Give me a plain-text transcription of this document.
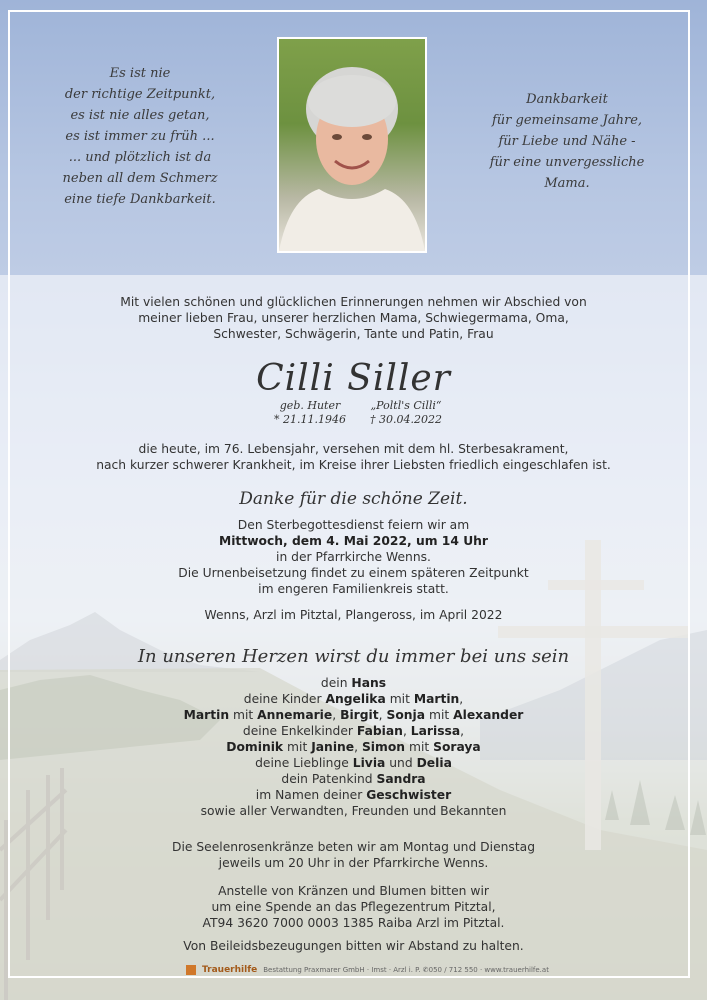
Es ist nie
der richtige Zeitpunkt,
es ist nie alles getan,
es ist immer zu früh ...
... und plötzlich ist da
neben all dem Schmerz
eine tiefe Dankbarkeit.
Dankbarkeit
für gemeinsame Jahre,
für Liebe und Nähe -
für eine unvergessliche
Mama.
Mit vielen schönen und glücklichen Erinnerungen nehmen wir Abschied von
meiner lieben Frau, unserer herzlichen Mama, Schwiegermama, Oma,
Schwester, Schwägerin, Tante und Patin, Frau
Cilli Siller
geb. Huter
* 21.11.1946
„Poltl's Cilli“
† 30.04.2022
die heute, im 76. Lebensjahr, versehen mit dem hl. Sterbesakrament,
nach kurzer schwerer Krankheit, im Kreise ihrer Liebsten friedlich eingeschlafen ist.
Danke für die schöne Zeit.
Den Sterbegottesdienst feiern wir am
Mittwoch, dem 4. Mai 2022, um 14 Uhr
in der Pfarrkirche Wenns.
Die Urnenbeisetzung findet zu einem späteren Zeitpunkt
im engeren Familienkreis statt.
Wenns, Arzl im Pitztal, Plangeross, im April 2022
In unseren Herzen wirst du immer bei uns sein
dein Hans
deine Kinder Angelika mit Martin,
Martin mit Annemarie, Birgit, Sonja mit Alexander
deine Enkelkinder Fabian, Larissa,
Dominik mit Janine, Simon mit Soraya
deine Lieblinge Livia und Delia
dein Patenkind Sandra
im Namen deiner Geschwister
sowie aller Verwandten, Freunden und Bekannten
Die Seelenrosenkränze beten wir am Montag und Dienstag
jeweils um 20 Uhr in der Pfarrkirche Wenns.
Anstelle von Kränzen und Blumen bitten wir
um eine Spende an das Pflegezentrum Pitztal,
AT94 3620 7000 0003 1385 Raiba Arzl im Pitztal.
Von Beileidsbezeugungen bitten wir Abstand zu halten.
Trauerhilfe Bestattung Praxmarer GmbH · Imst · Arzl i. P. ✆050 / 712 550 · www.trauerhilfe.at
